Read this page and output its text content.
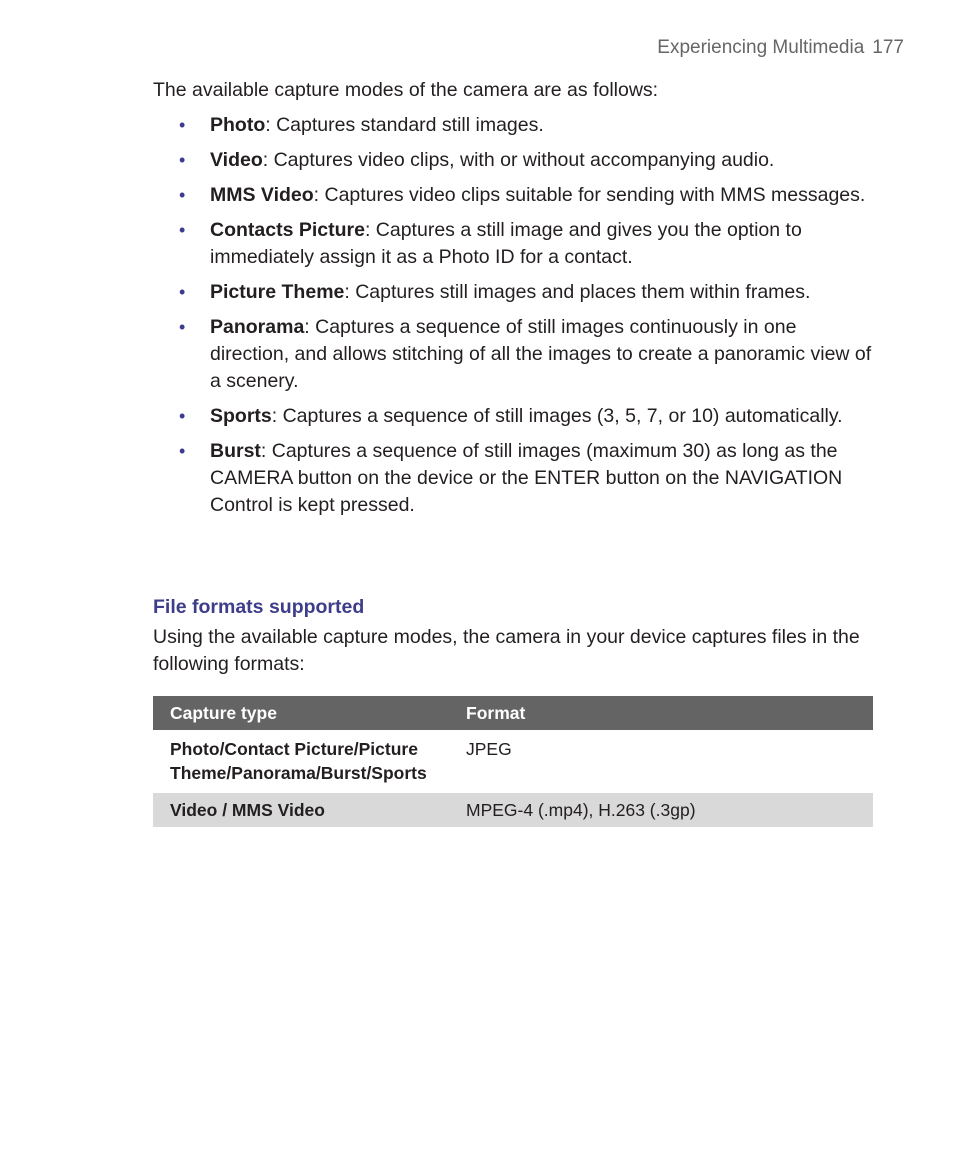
Experiencing Multimedia 177
The available capture modes of the camera are as follows:
• Photo: Captures standard still images.
• Video: Captures video clips, with or without accompanying audio.
• MMS Video: Captures video clips suitable for sending with MMS messages.
• Contacts Picture: Captures a still image and gives you the option to immediately assign it as a Photo ID for a contact.
• Picture Theme: Captures still images and places them within frames.
• Panorama: Captures a sequence of still images continuously in one direction, and allows stitching of all the images to create a panoramic view of a scenery.
• Sports: Captures a sequence of still images (3, 5, 7, or 10) automatically.
• Burst: Captures a sequence of still images (maximum 30) as long as the CAMERA button on the device or the ENTER button on the NAVIGATION Control is kept pressed.
File formats supported
Using the available capture modes, the camera in your device captures files in the following formats:
Capture type	Format
Photo/Contact Picture/Picture Theme/Panorama/Burst/Sports
JPEG
Video / MMS Video	MPEG-4 (.mp4), H.263 (.3gp)
